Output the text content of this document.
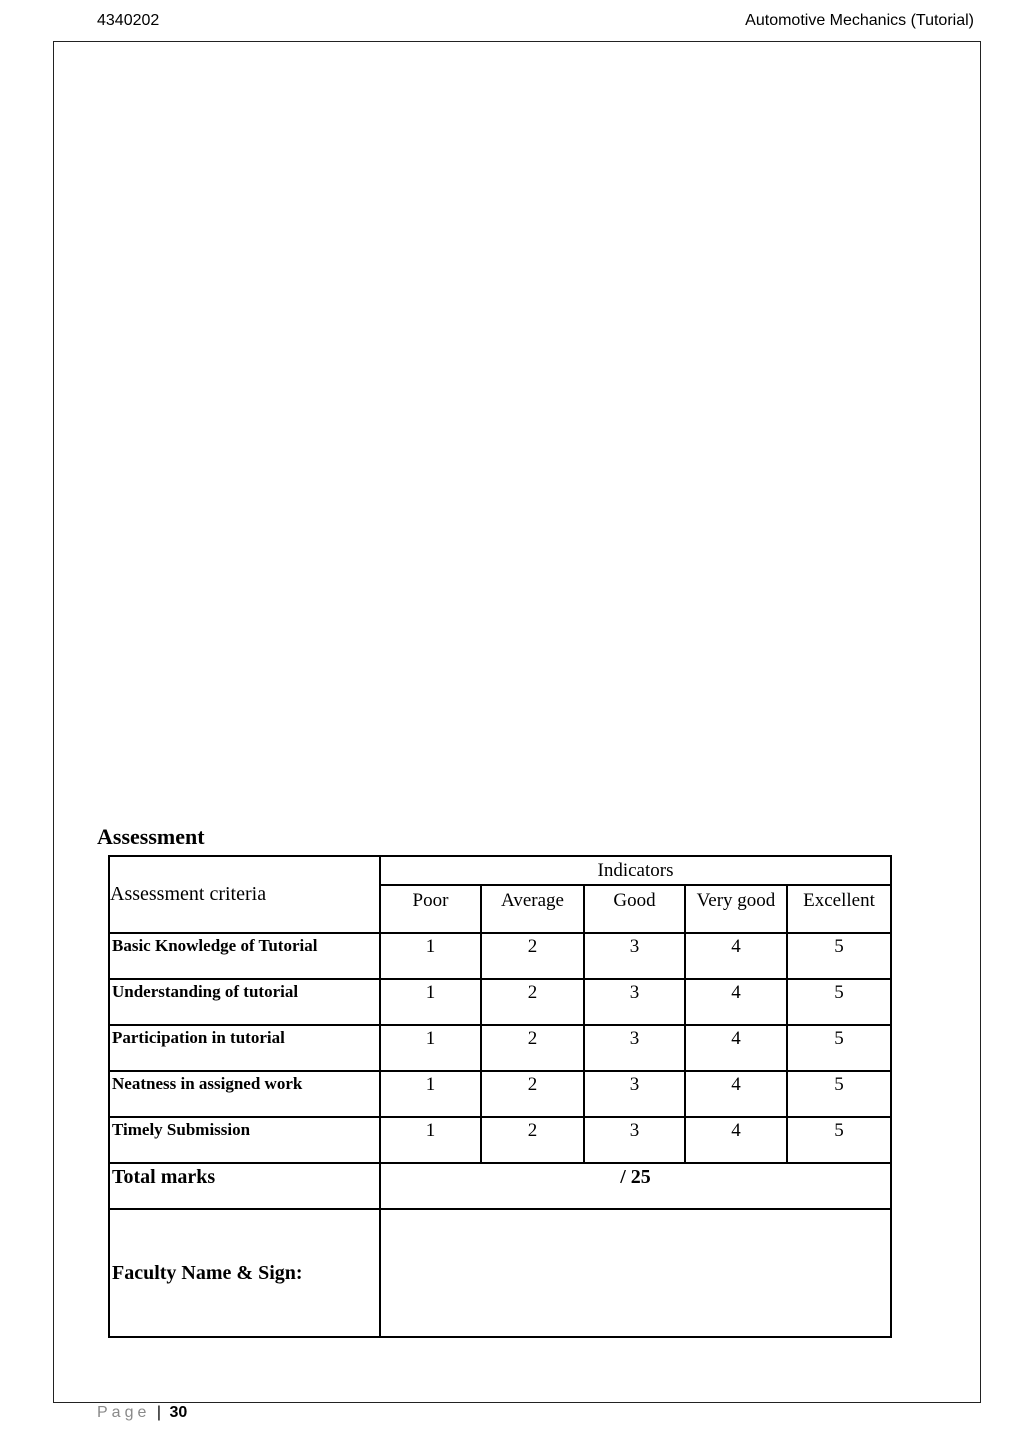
4340202	Automotive Mechanics (Tutorial)
Assessment
Assessment criteria	Indicators				
	Poor	Average	Good	Very good	Excellent
Basic Knowledge of Tutorial	1	2	3	4	5
Understanding of tutorial	1	2	3	4	5
Participation in tutorial	1	2	3	4	5
Neatness in assigned work	1	2	3	4	5
Timely Submission	1	2	3	4	5
Total marks	/ 25				
Faculty Name & Sign:					
Page | 30
